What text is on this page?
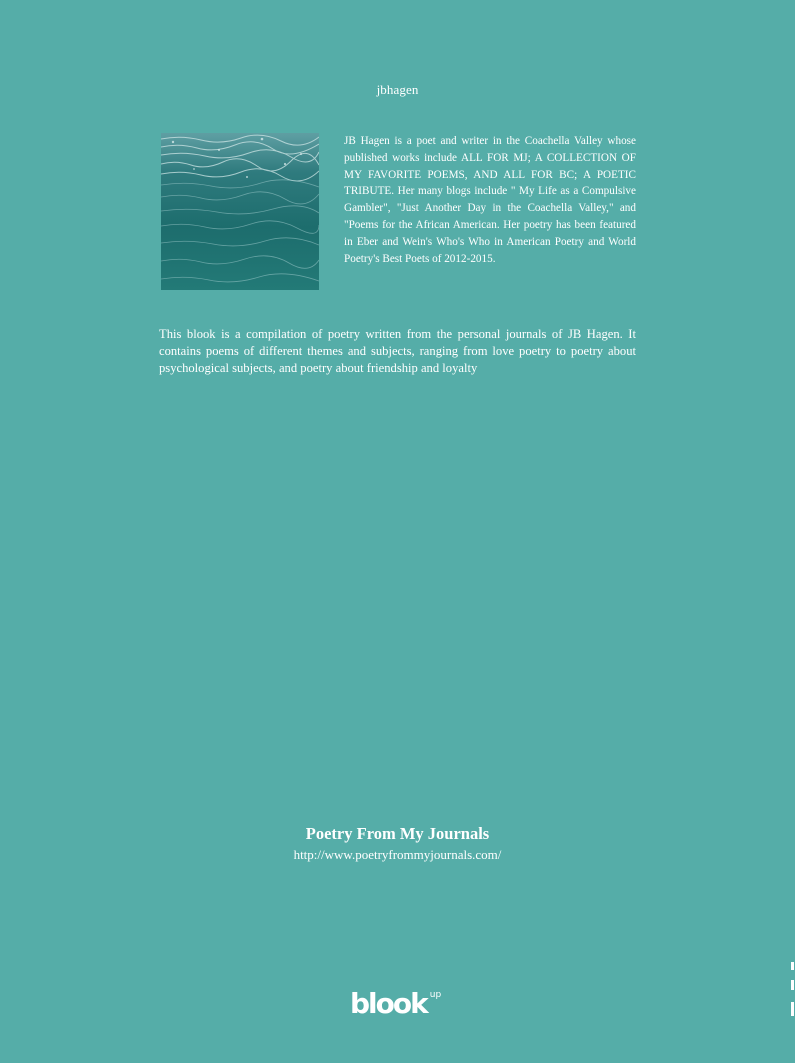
jbhagen
JB Hagen is a poet and writer in the Coachella Valley whose published works include ALL FOR MJ; A COLLECTION OF MY FAVORITE POEMS, AND ALL FOR BC; A POETIC TRIBUTE. Her many blogs include " My Life as a Compulsive Gambler", "Just Another Day in the Coachella Valley," and "Poems for the African American. Her poetry has been featured in Eber and Wein's Who's Who in American Poetry and World Poetry's Best Poets of 2012-2015.
This blook is a compilation of poetry written from the personal journals of JB Hagen. It contains poems of different themes and subjects, ranging from love poetry to poetry about psychological subjects, and poetry about friendship and loyalty
Poetry From My Journals
http://www.poetryfrommyjournals.com/
blook up
